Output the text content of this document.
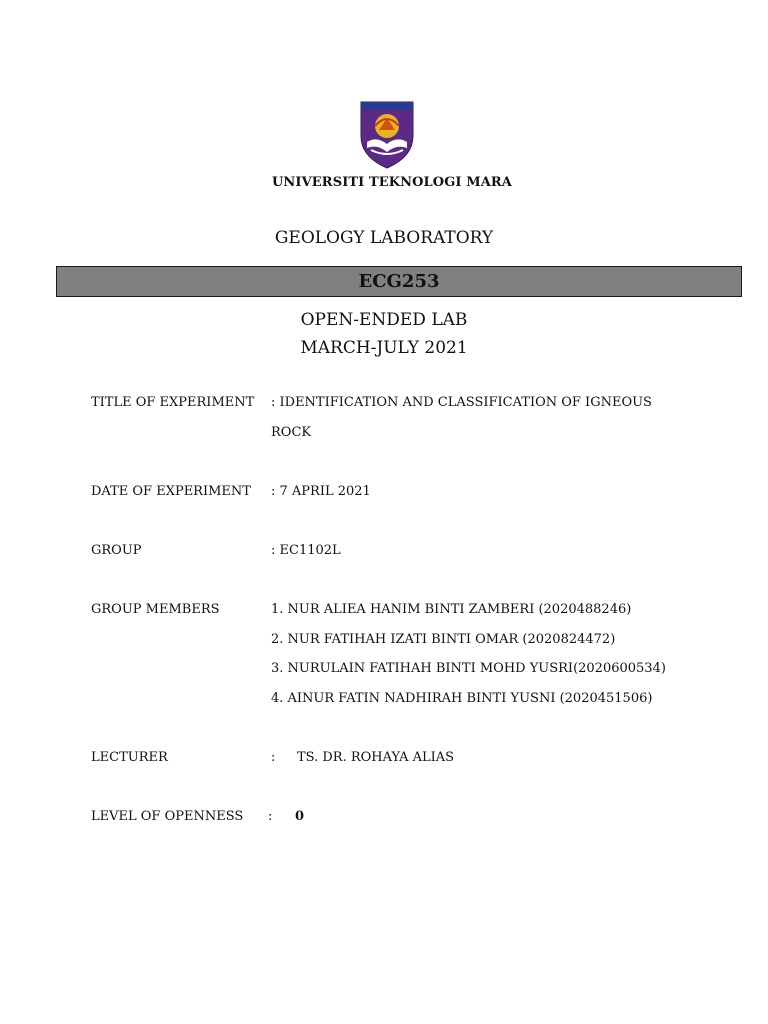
UNIVERSITI TEKNOLOGI MARA
GEOLOGY LABORATORY
ECG253
OPEN-ENDED LAB
MARCH-JULY 2021
TITLE OF EXPERIMENT : IDENTIFICATION AND CLASSIFICATION OF IGNEOUS
ROCK
DATE OF EXPERIMENT : 7 APRIL 2021
GROUP	: EC1102L
GROUP MEMBERS	1. NUR ALIEA HANIM BINTI ZAMBERI (2020488246)
2. NUR FATIHAH IZATI BINTI OMAR (2020824472)
3. NURULAIN FATIHAH BINTI MOHD YUSRI(2020600534)
4. AINUR FATIN NADHIRAH BINTI YUSNI (2020451506)
LECTURER	: TS. DR. ROHAYA ALIAS
LEVEL OF OPENNESS : 0
